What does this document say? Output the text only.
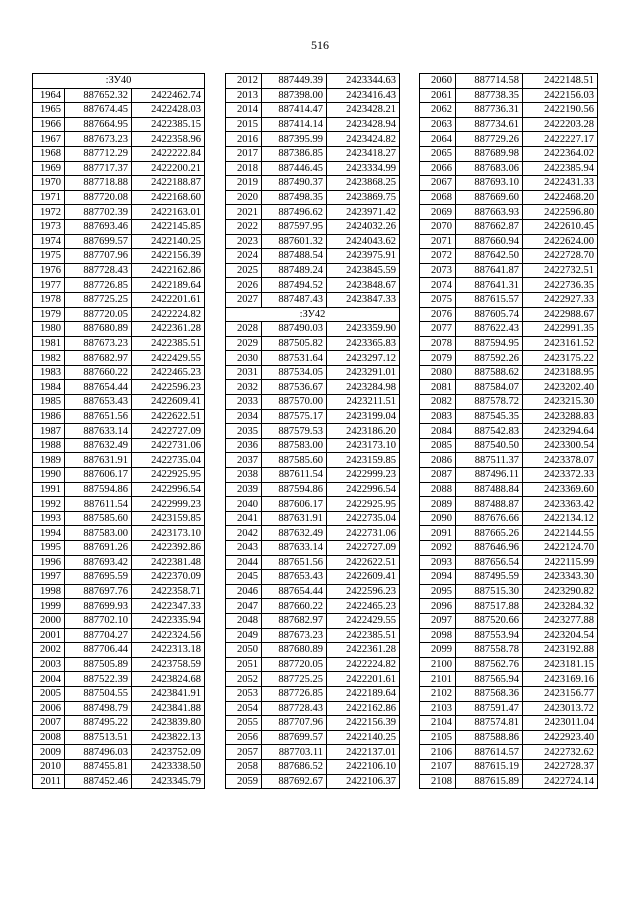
516
:ЗУ40		
1964	887652.32	2422462.74
1965	887674.45	2422428.03
1966	887664.95	2422385.15
1967	887673.23	2422358.96
1968	887712.29	2422222.84
1969	887717.37	2422200.21
1970	887718.88	2422188.87
1971	887720.08	2422168.60
1972	887702.39	2422163.01
1973	887693.46	2422145.85
1974	887699.57	2422140.25
1975	887707.96	2422156.39
1976	887728.43	2422162.86
1977	887726.85	2422189.64
1978	887725.25	2422201.61
1979	887720.05	2422224.82
1980	887680.89	2422361.28
1981	887673.23	2422385.51
1982	887682.97	2422429.55
1983	887660.22	2422465.23
1984	887654.44	2422596.23
1985	887653.43	2422609.41
1986	887651.56	2422622.51
1987	887633.14	2422727.09
1988	887632.49	2422731.06
1989	887631.91	2422735.04
1990	887606.17	2422925.95
1991	887594.86	2422996.54
1992	887611.54	2422999.23
1993	887585.60	2423159.85
1994	887583.00	2423173.10
1995	887691.26	2422392.86
1996	887693.42	2422381.48
1997	887695.59	2422370.09
1998	887697.76	2422358.71
1999	887699.93	2422347.33
2000	887702.10	2422335.94
2001	887704.27	2422324.56
2002	887706.44	2422313.18
2003	887505.89	2423758.59
2004	887522.39	2423824.68
2005	887504.55	2423841.91
2006	887498.79	2423841.88
2007	887495.22	2423839.80
2008	887513.51	2423822.13
2009	887496.03	2423752.09
2010	887455.81	2423338.50
2011	887452.46	2423345.79
2012	887449.39	2423344.63
2013	887398.00	2423416.43
2014	887414.47	2423428.21
2015	887414.14	2423428.94
2016	887395.99	2423424.82
2017	887386.85	2423418.27
2018	887446.45	2423334.99
2019	887490.37	2423868.25
2020	887498.35	2423869.75
2021	887496.62	2423971.42
2022	887597.95	2424032.26
2023	887601.32	2424043.62
2024	887488.54	2423975.91
2025	887489.24	2423845.59
2026	887494.52	2423848.67
2027	887487.43	2423847.33
:ЗУ42		
2028	887490.03	2423359.90
2029	887505.82	2423365.83
2030	887531.64	2423297.12
2031	887534.05	2423291.01
2032	887536.67	2423284.98
2033	887570.00	2423211.51
2034	887575.17	2423199.04
2035	887579.53	2423186.20
2036	887583.00	2423173.10
2037	887585.60	2423159.85
2038	887611.54	2422999.23
2039	887594.86	2422996.54
2040	887606.17	2422925.95
2041	887631.91	2422735.04
2042	887632.49	2422731.06
2043	887633.14	2422727.09
2044	887651.56	2422622.51
2045	887653.43	2422609.41
2046	887654.44	2422596.23
2047	887660.22	2422465.23
2048	887682.97	2422429.55
2049	887673.23	2422385.51
2050	887680.89	2422361.28
2051	887720.05	2422224.82
2052	887725.25	2422201.61
2053	887726.85	2422189.64
2054	887728.43	2422162.86
2055	887707.96	2422156.39
2056	887699.57	2422140.25
2057	887703.11	2422137.01
2058	887686.52	2422106.10
2059	887692.67	2422106.37
2060	887714.58	2422148.51
2061	887738.35	2422156.03
2062	887736.31	2422190.56
2063	887734.61	2422203.28
2064	887729.26	2422227.17
2065	887689.98	2422364.02
2066	887683.06	2422385.94
2067	887693.10	2422431.33
2068	887669.60	2422468.20
2069	887663.93	2422596.80
2070	887662.87	2422610.45
2071	887660.94	2422624.00
2072	887642.50	2422728.70
2073	887641.87	2422732.51
2074	887641.31	2422736.35
2075	887615.57	2422927.33
2076	887605.74	2422988.67
2077	887622.43	2422991.35
2078	887594.95	2423161.52
2079	887592.26	2423175.22
2080	887588.62	2423188.95
2081	887584.07	2423202.40
2082	887578.72	2423215.30
2083	887545.35	2423288.83
2084	887542.83	2423294.64
2085	887540.50	2423300.54
2086	887511.37	2423378.07
2087	887496.11	2423372.33
2088	887488.84	2423369.60
2089	887488.87	2423363.42
2090	887676.66	2422134.12
2091	887665.26	2422144.55
2092	887646.96	2422124.70
2093	887656.54	2422115.99
2094	887495.59	2423343.30
2095	887515.30	2423290.82
2096	887517.88	2423284.32
2097	887520.66	2423277.88
2098	887553.94	2423204.54
2099	887558.78	2423192.88
2100	887562.76	2423181.15
2101	887565.94	2423169.16
2102	887568.36	2423156.77
2103	887591.47	2423013.72
2104	887574.81	2423011.04
2105	887588.86	2422923.40
2106	887614.57	2422732.62
2107	887615.19	2422728.37
2108	887615.89	2422724.14
